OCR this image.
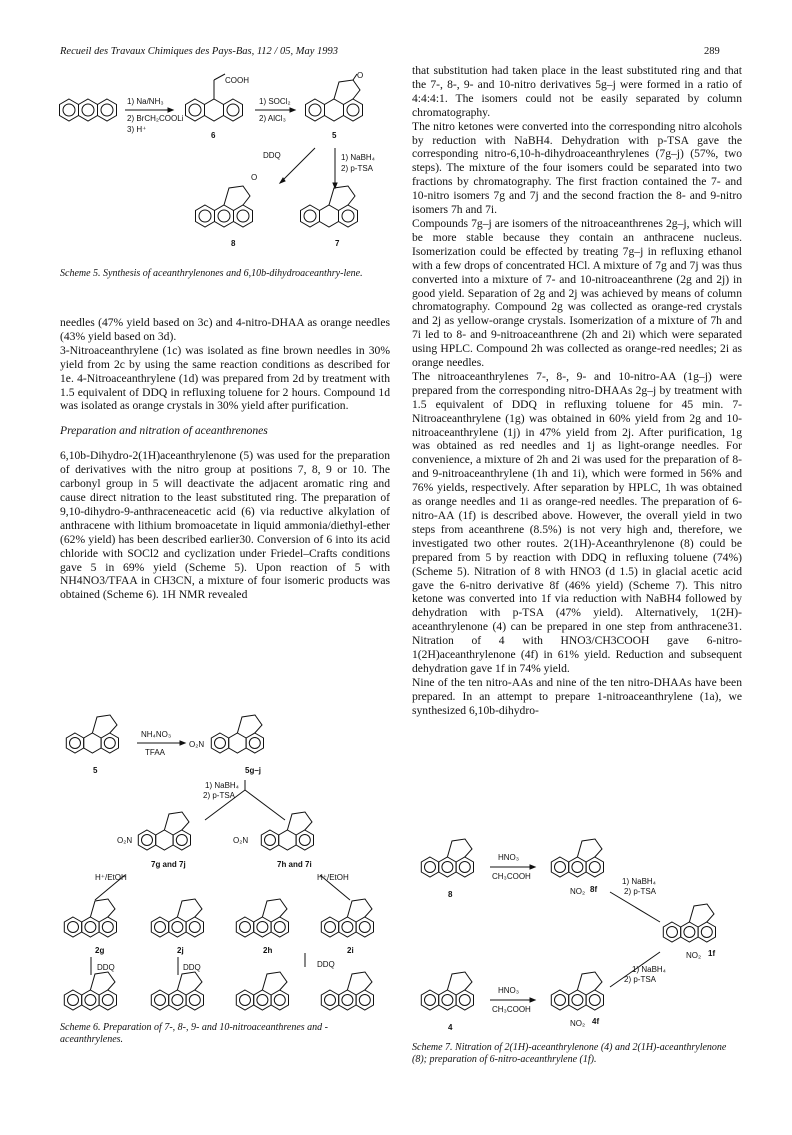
Recueil des Travaux Chimiques des Pays-Bas, 112 / 05, May 1993	289
1) Na/NH₃
2) BrCH₂COOLi
3) H⁺
COOH
6
1) SOCl₂
2) AlCl₃
O
5
DDQ	1) NaBH₄
2) p-TSA
O
8	7
Scheme 5. Synthesis of aceanthrylenones and 6,10b-dihydroaceanthry-lene.

needles (47% yield based on 3c) and 4-nitro-DHAA as orange needles (43% yield based on 3d).

3-Nitroaceanthrylene (1c) was isolated as fine brown needles in 30% yield from 2c by using the same reaction conditions as described for 1e. 4-Nitroaceanthrylene (1d) was prepared from 2d by treatment with 1.5 equivalent of DDQ in refluxing toluene for 2 hours. Compound 1d was isolated as orange crystals in 30% yield after purification.

Preparation and nitration of aceanthrenones

6,10b-Dihydro-2(1H)aceanthrylenone (5) was used for the preparation of derivatives with the nitro group at positions 7, 8, 9 or 10. The carbonyl group in 5 will deactivate the adjacent aromatic ring and cause direct nitration to the least substituted ring. The preparation of 9,10-dihydro-9-anthraceneacetic acid (6) via reductive alkylation of anthracene with lithium bromoacetate in liquid ammonia/diethyl-ether (62% yield) has been described earlier30. Conversion of 6 into its acid chloride with SOCl2 and cyclization under Friedel–Crafts conditions gave 5 in 69% yield (Scheme 5). Upon reaction of 5 with NH4NO3/TFAA in CH3CN, a mixture of four isomeric products was obtained (Scheme 6). 1H NMR revealed

5
NH₄NO₃
TFAA
O₂N
5g–j
1) NaBH₄
2) p-TSA
O₂N
7g and 7j
O₂N
7h and 7i
H⁺/EtOH	H⁺/EtOH
2g	2j	2h	2i
DDQ	DDQ	DDQ
Scheme 6. Preparation of 7-, 8-, 9- and 10-nitroaceanthrenes and -aceanthrylenes.

that substitution had taken place in the least substituted ring and that the 7-, 8-, 9- and 10-nitro derivatives 5g–j were formed in a ratio of 4:4:4:1. The isomers could not be easily separated by column chromatography.

The nitro ketones were converted into the corresponding nitro alcohols by reduction with NaBH4. Dehydration with p-TSA gave the corresponding nitro-6,10-h-dihydroaceanthrylenes (7g–j) (57%, two steps). The mixture of the four isomers could be separated into two fractions by chromatography. The first fraction contained the 7- and 10-nitro isomers 7g and 7j and the second fraction the 8- and 9-nitro isomers 7h and 7i.

Compounds 7g–j are isomers of the nitroaceanthrenes 2g–j, which will be more stable because they contain an anthracene nucleus. Isomerization could be effected by treating 7g–j in refluxing ethanol with a few drops of concentrated HCl. A mixture of 7g and 7j was thus converted into a mixture of 7- and 10-nitroaceanthrene (2g and 2j) in good yield. Separation of 2g and 2j was achieved by means of column chromatography. Compound 2g was collected as orange-red crystals and 2j as yellow-orange crystals. Isomerization of a mixture of 7h and 7i led to 8- and 9-nitroaceanthrene (2h and 2i) which were separated using HPLC. Compound 2h was collected as orange-red needles; 2i as orange needles.

The nitroaceanthrylenes 7-, 8-, 9- and 10-nitro-AA (1g–j) were prepared from the corresponding nitro-DHAAs 2g–j by treatment with 1.5 equivalent of DDQ in refluxing toluene for 45 min. 7-Nitroaceanthrylene (1g) was obtained in 60% yield from 2g and 10-nitroaceanthrylene (1j) in 47% yield from 2j. After purification, 1g was obtained as red needles and 1j as light-orange needles. For convenience, a mixture of 2h and 2i was used for the preparation of 8- and 9-nitroaceanthrylene (1h and 1i), which were formed in 56% and 76% yields, respectively. After separation by HPLC, 1h was obtained as orange needles and 1i as orange-red needles. The preparation of 6-nitro-AA (1f) is described above. However, the overall yield in two steps from aceanthrene (8.5%) is not very high and, therefore, we investigated two other routes. 2(1H)-Aceanthrylenone (8) could be prepared from 5 by reaction with DDQ in refluxing toluene (74%) (Scheme 5). Nitration of 8 with HNO3 (d 1.5) in glacial acetic acid gave the 6-nitro derivative 8f (46% yield) (Scheme 7). This nitro ketone was converted into 1f via reduction with NaBH4 followed by dehydration with p-TSA (47% yield). Alternatively, 1(2H)-aceanthrylenone (4) can be prepared in one step from anthracene31. Nitration of 4 with HNO3/CH3COOH gave 6-nitro-1(2H)aceanthrylenone (4f) in 61% yield. Reduction and subsequent dehydration gave 1f in 74% yield.

Nine of the ten nitro-AAs and nine of the ten nitro-DHAAs have been prepared. In an attempt to prepare 1-nitroaceanthrylene (1a), we synthesized 6,10b-dihydro-

8
HNO₃
CH₃COOH
NO₂ 8f
1) NaBH₄
2) p-TSA
NO₂ 1f
1) NaBH₄
2) p-TSA
4
HNO₃
CH₃COOH
NO₂ 4f
Scheme 7. Nitration of 2(1H)-aceanthrylenone (4) and 2(1H)-aceanthrylenone (8); preparation of 6-nitro-aceanthrylene (1f).
